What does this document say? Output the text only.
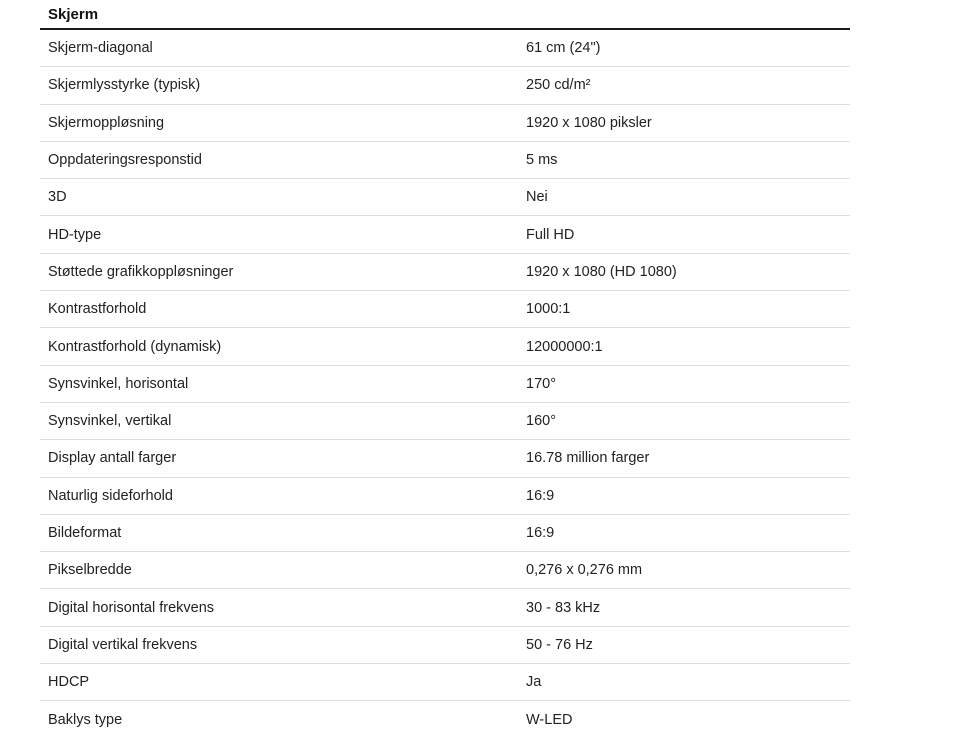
Skjerm
Skjerm-diagonal	61 cm (24")
Skjermlysstyrke (typisk)	250 cd/m²
Skjermoppløsning	1920 x 1080 piksler
Oppdateringsresponstid	5 ms
3D	Nei
HD-type	Full HD
Støttede grafikkoppløsninger	1920 x 1080 (HD 1080)
Kontrastforhold	1000:1
Kontrastforhold (dynamisk)	12000000:1
Synsvinkel, horisontal	170°
Synsvinkel, vertikal	160°
Display antall farger	16.78 million farger
Naturlig sideforhold	16:9
Bildeformat	16:9
Pikselbredde	0,276 x 0,276 mm
Digital horisontal frekvens	30 - 83 kHz
Digital vertikal frekvens	50 - 76 Hz
HDCP	Ja
Baklys type	W-LED
